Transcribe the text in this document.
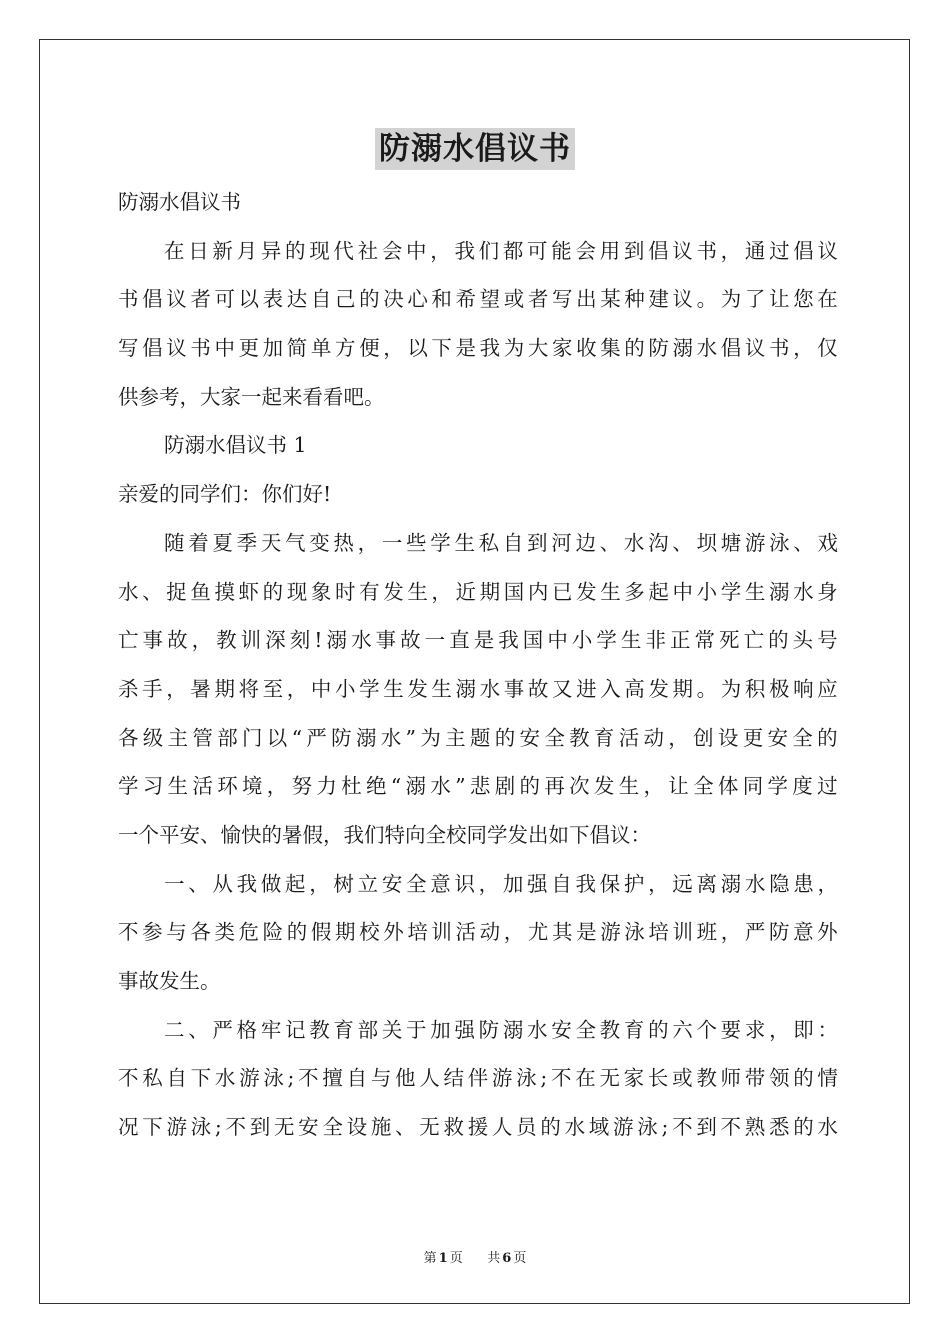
防溺水倡议书
防溺水倡议书
在 日 新 月 异 的 现 代 社 会 中 ， 我 们 都 可 能 会 用 到 倡 议 书 ， 通 过 倡 议
书 倡 议 者 可 以 表 达 自 己 的 决 心 和 希 望 或 者 写 出 某 种 建 议 。 为 了 让 您 在
写 倡 议 书 中 更 加 简 单 方 便 ， 以 下 是 我 为 大 家 收 集 的 防 溺 水 倡 议 书 ， 仅
供参考，大家一起来看看吧。
防溺水倡议书 1
亲爱的同学们：你们好!
随 着 夏 季 天 气 变 热 ， 一 些 学 生 私 自 到 河 边 、 水 沟 、 坝 塘 游 泳 、 戏
水 、 捉 鱼 摸 虾 的 现 象 时 有 发 生 ， 近 期 国 内 已 发 生 多 起 中 小 学 生 溺 水 身
亡 事 故 ， 教 训 深 刻 ! 溺 水 事 故 一 直 是 我 国 中 小 学 生 非 正 常 死 亡 的 头 号
杀 手 ， 暑 期 将 至 ， 中 小 学 生 发 生 溺 水 事 故 又 进 入 高 发 期 。 为 积 极 响 应
各 级 主 管 部 门 以 “ 严 防 溺 水 ” 为 主 题 的 安 全 教 育 活 动 ， 创 设 更 安 全 的
学 习 生 活 环 境 ， 努 力 杜 绝 “ 溺 水 ” 悲 剧 的 再 次 发 生 ， 让 全 体 同 学 度 过
一个平安、愉快的暑假，我们特向全校同学发出如下倡议：
一 、 从 我 做 起 ， 树 立 安 全 意 识 ， 加 强 自 我 保 护 ， 远 离 溺 水 隐 患 ，
不 参 与 各 类 危 险 的 假 期 校 外 培 训 活 动 ， 尤 其 是 游 泳 培 训 班 ， 严 防 意 外
事故发生。
二 、 严 格 牢 记 教 育 部 关 于 加 强 防 溺 水 安 全 教 育 的 六 个 要 求 ， 即 ：
不 私 自 下 水 游 泳 ; 不 擅 自 与 他 人 结 伴 游 泳 ; 不 在 无 家 长 或 教 师 带 领 的 情
况 下 游 泳 ; 不 到 无 安 全 设 施 、 无 救 援 人 员 的 水 域 游 泳 ; 不 到 不 熟 悉 的 水
第 1 页 共 6 页
